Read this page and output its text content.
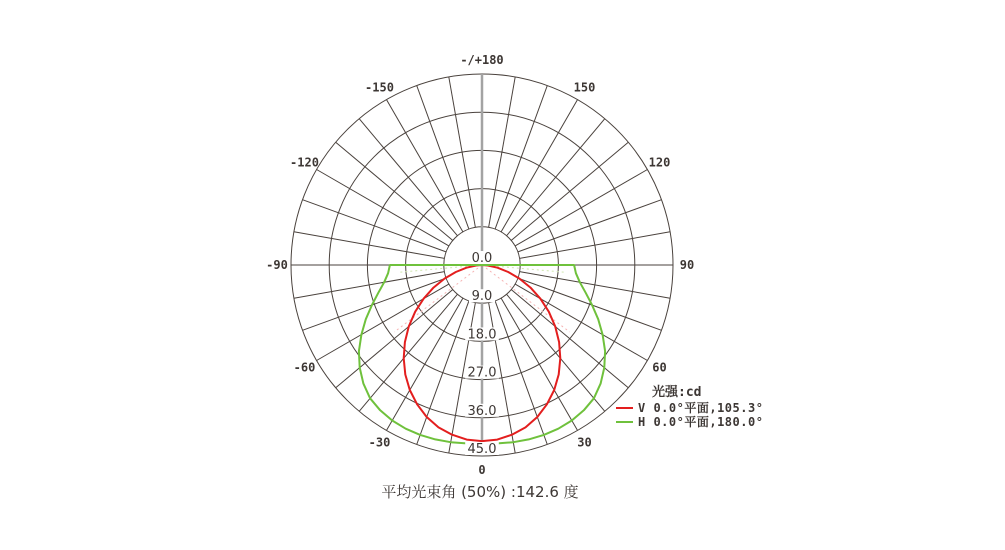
0.0
9.0
18.0
27.0
36.0
45.0
0
30
60
90
120
150
-/+180
-30
-60
-90
-120
-150
光强:cd
V 0.0°平面,105.3°
H 0.0°平面,180.0°
平均光束角 (50%) :142.6 度
